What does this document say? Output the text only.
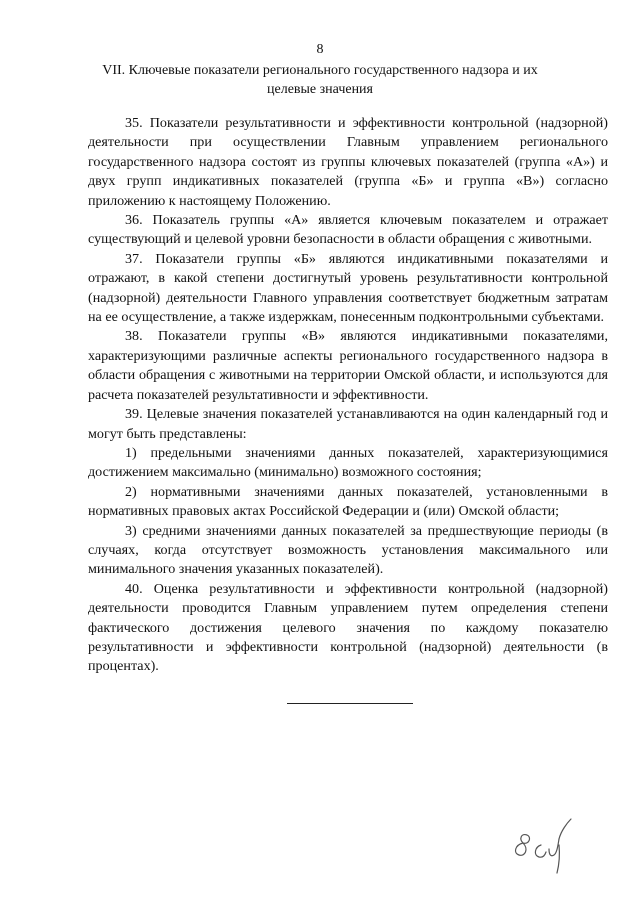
8
VII. Ключевые показатели регионального государственного надзора и их целевые значения

35. Показатели результативности и эффективности контрольной (надзорной) деятельности при осуществлении Главным управлением регионального государственного надзора состоят из группы ключевых показателей (группа «А») и двух групп индикативных показателей (группа «Б» и группа «В») согласно приложению к настоящему Положению.

36. Показатель группы «А» является ключевым показателем и отражает существующий и целевой уровни безопасности в области обращения с животными.

37. Показатели группы «Б» являются индикативными показателями и отражают, в какой степени достигнутый уровень результативности контрольной (надзорной) деятельности Главного управления соответствует бюджетным затратам на ее осуществление, а также издержкам, понесенным подконтрольными субъектами.

38. Показатели группы «В» являются индикативными показателями, характеризующими различные аспекты регионального государственного надзора в области обращения с животными на территории Омской области, и используются для расчета показателей результативности и эффективности.

39. Целевые значения показателей устанавливаются на один календарный год и могут быть представлены:

1) предельными значениями данных показателей, характеризующимися достижением максимально (минимально) возможного состояния;

2) нормативными значениями данных показателей, установленными в нормативных правовых актах Российской Федерации и (или) Омской области;

3) средними значениями данных показателей за предшествующие периоды (в случаях, когда отсутствует возможность установления максимального или минимального значения указанных показателей).

40. Оценка результативности и эффективности контрольной (надзорной) деятельности проводится Главным управлением путем определения степени фактического достижения целевого значения по каждому показателю результативности и эффективности контрольной (надзорной) деятельности (в процентах).
